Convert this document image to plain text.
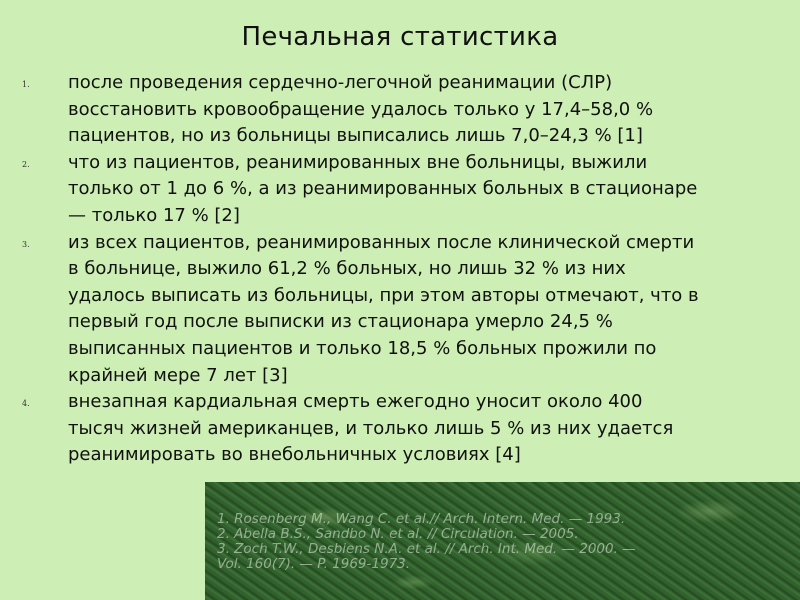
Печальная статистика
1.	после проведения сердечно-легочной реанимации (СЛР)
восстановить кровообращение удалось только у 17,4–58,0 %
пациентов, но из больницы выписались лишь 7,0–24,3 % [1]
2.	что из пациентов, реанимированных вне больницы, выжили
только от 1 до 6 %, а из реанимированных больных в стационаре
— только 17 % [2]
3.	из всех пациентов, реанимированных после клинической смерти
в больнице, выжило 61,2 % больных, но лишь 32 % из них
удалось выписать из больницы, при этом авторы отмечают, что в
первый год после выписки из стационара умерло 24,5 %
выписанных пациентов и только 18,5 % больных прожили по
крайней мере 7 лет [3]
4.	внезапная кардиальная смерть ежегодно уносит около 400
тысяч жизней американцев, и только лишь 5 % из них удается
реанимировать во внебольничных условиях [4]
1. Rosenberg M., Wang C. et al.// Arch. Intern. Med. — 1993.
2. Abella B.S., Sandbo N. et al. // Circulation. — 2005.
3. Zoch T.W., Desbiens N.A. et al. // Arch. Int. Med. — 2000. —
Vol. 160(7). — P. 1969-1973.
